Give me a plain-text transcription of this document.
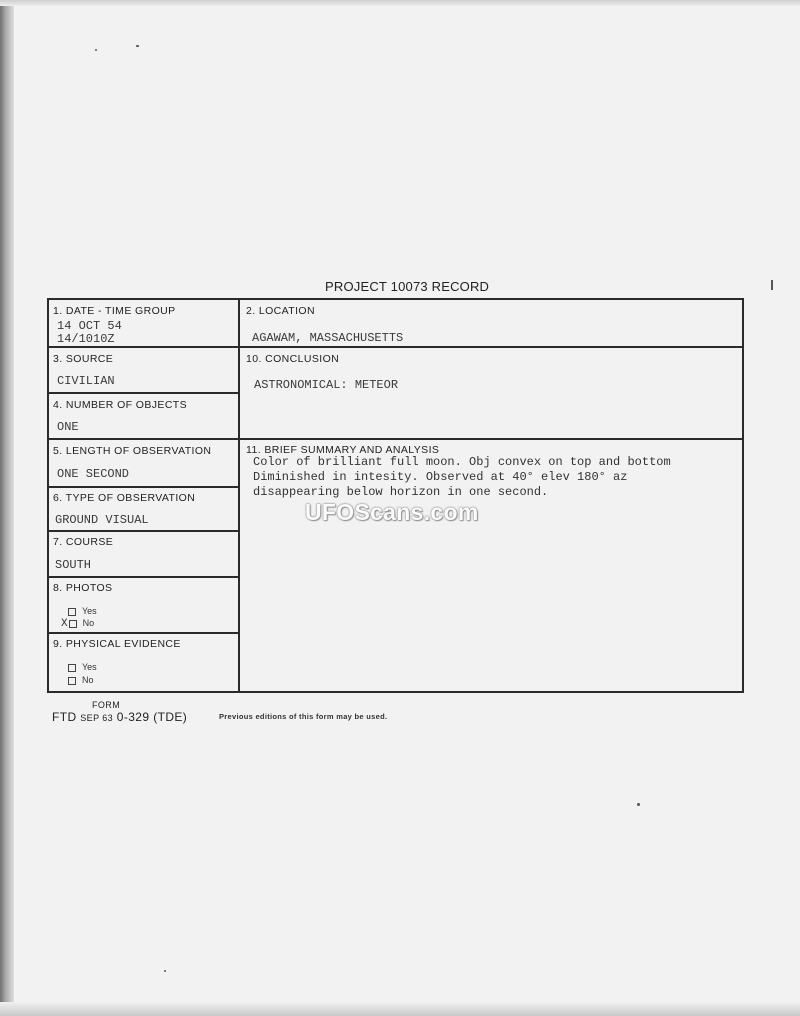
PROJECT 10073 RECORD
1. DATE - TIME GROUP
14 OCT 54
14/1010Z
2. LOCATION
AGAWAM, MASSACHUSETTS
3. SOURCE
CIVILIAN
10. CONCLUSION
ASTRONOMICAL: METEOR
4. NUMBER OF OBJECTS
ONE
5. LENGTH OF OBSERVATION
ONE SECOND
11. BRIEF SUMMARY AND ANALYSIS
Color of brilliant full moon. Obj convex on top and bottom
Diminished in intesity. Observed at 40° elev 180° az
disappearing below horizon in one second.
6. TYPE OF OBSERVATION
GROUND VISUAL
7. COURSE
SOUTH
8. PHOTOS
Yes
X No
9. PHYSICAL EVIDENCE
Yes
No
UFOScans.com
FORM
FTD SEP 63 0-329 (TDE)	Previous editions of this form may be used.
